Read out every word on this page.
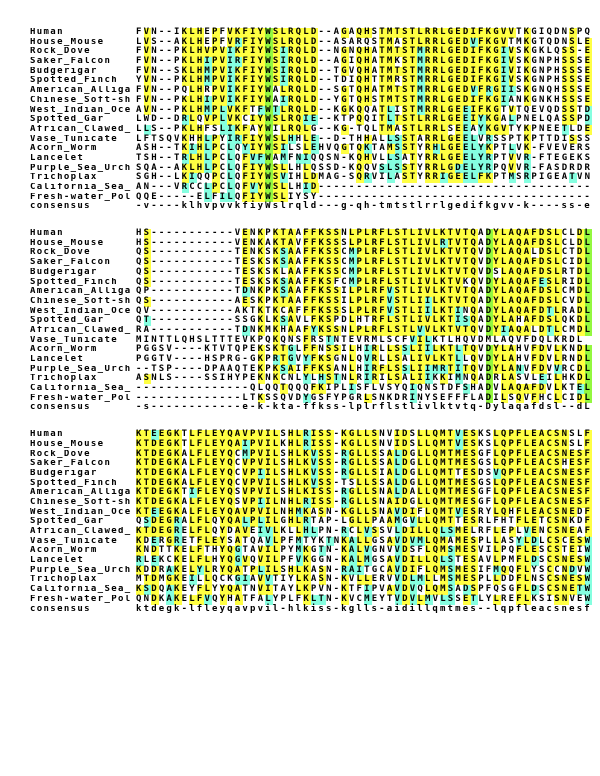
Human	FVN--IKLHEPFVKFIYWSLRQLD--AGAQHSTMTSTLRRLGEDIFKGVVTKGIQDNSPQ
House_Mouse	LVS--AKLHEPFVRFIYWSLRQLD--ASARQSTMASTLRRLGEDVFKGVTMKGTQDNSLE
Rock_Dove	FVN--PKLHVPVIKFIYWSIRQLD--NGNQHATMTSTMRRLGEDIFKGIVSKGKLQSS-E
Saker_Falcon	FVN--PKLHIPVIRFIYWSIRQLD--AGIQHATMKSTMRRLGEDIFKGIVSKGNPHSSSE
Budgerigar	FVN--SKLHMPVIKFIYWSIRQLD--TGVQHATMTSTMRRLGEDIFKGIVIKGNPHSSSE
Spotted_Finch	YVN--PKLHMPVIKFIYWSIRQLD--TDIQHTTMRSTMRRLGEDIFKGIVSKGNPHSSSE
American_Alliga FVN--PQLHRPVIKFIYWALRQLD--SGTQHATMTSTMRRLGEDVFRGIISKGNQHSSSE
Chinese_Soft-sh FVN--PKLHIPVIKFIYWAIRQLD--YGTQHSTMTSTMRRLGEDIFKGIANKGNKHSSSE
West_Indian_Oce AVN--PKLHMPLVKFTFWTLRQLD--KGKQQATLISTMRRLGEEIFKGTVTQEVQDSSTD
Spotted_Gar	LWD--DRLQVPLVKCIYWSLRQIE--KTPQQITLTSTLRRLGEEIYKGALPNELQASSPD
African_Clawed_ LLS--PKLHFSLIKFAYWILRQLG--KG-TQLTMASTLRRLSEEAYKGVTYKPNEETLDE
Vase_Tunicate	LFTSQVKHHLPYIRFIYWSLHHLE--D-THHALLSSTARRLGEELVRSSPTKPTTDISSS
Acorn_Worm	ASH--TKIHLPCLQYIYWSILSLEHVQGTQKTAMSSTYRHLGEELYKPTLVK-FVEVERS
Lancelet	TSH--TRLHLPCLQFVFWAMFNIQQSN-KQHVLLSATYRRLGEELYRPTVVR-FTEGEKS
Purple_Sea_Urch SQA--AKLHLPCLQFIYWSLLHLQSSD-KQQVSLSSTYRRLGDELYRPQVVR-FASDRDR
Trichoplax	SGH--LKIQQPCLQFIYWSVIHLDMAG-SQRVILASTYRRIGEELFKPTMSRPIGEATVN
California_Sea_ AN---VRCCLPCLQFVYWSLLHID------------------------------------
Fresh-water_Pol QQE-----ELFILQFIYWSLIYSY------------------------------------
consensus	-v----klhvpvvkfiyWslrqld---g-qh-tmtstlrrlgedifkgvv-k----ss-e
Human	HS-----------VENKPKTAAFFKSSNLPLRFLSTLIVLKTVTQADYLAQAFDSLCLDL
House_Mouse	HS-----------VENKAKTAVFFKSSSLPLRFLSTLIVLRTVTQADYLAQAFDSLCLDL
Rock_Dove	QS-----------TENKSKSAAFFKSSCMPLRFLSTLIVLKTVTQVDYLAQALDSLCTDL
Saker_Falcon	QS-----------TESKSKSAAFFKSSCMPLRFLSTLIVLKTVTQVDYLAQAFDSLCIDL
Budgerigar	QS-----------TESKSKLAAFFKSSCMPLRFLSTLIVLKTVTQVDSLAQAFDSLRTDL
Spotted_Finch	QS-----------TESKSKSAAFFKSFCMPLRFLSTLIVLKTVKQVDYLAQAFESLRIDL
American_Alliga QP-----------TDNKPKSAAFFKSSILPLRFVSTLIVLKTVTQADYLAQAFDSLCMDL
Chinese_Soft-sh QS-----------AESKPKTAAFFKSSILPLRFVSTLIILKTVTQADYLAQAFDSLCVDL
West_Indian_Oce QV-----------AKTKTKCAFFFKSSSLPLRFVSTLIILKTINQADYLAQAFDTLRADL
Spotted_Gar	QT-----------SSGKLKSAVLFKSPDLHTRFLSTLIVLKTISQADYLAHAFDSLQKDL
African_Clawed_ RA-----------TDNKMKHAAFYKSSNLPLRFLSTLVVLKTVTQVDYIAQALDTLCMDL
Vase_Tunicate	MINTTLQHSLTTTEVKPQKQNSFRSTNTEVRMLSCFVILKTLHQVDMLAQVFDQLKRDL
Acorn_Worm	PGGSV----KTVTQPEKSKTGLFFNSSILHIRLLSSLIILKTLTQVDYLAHVFDVLKNDL
Lancelet	PGGTV----HSPRG-GKPRTGVYFKSGNLQVRLLSALIVLKTLLQVDYLAHVFDVLRNDL
Purple_Sea_Urch --TSP----DPAAQTEKPKSAIFFKSANLHIRFLSSLIIMRTITQVDYLANVFDVVRCDL
Trichoplax	ASNLS----SSIHYPEKNKCNLYLHSTNLRIRILSALIIKKIMNQADRLASVLEILHKDL
California_Sea_ ---------------QLQQTQQQFKIPLISFLVSYQIQNSTDFSHADVLAQAFDVLKTEL
Fresh-water_Pol --------------LTKSSQVDYGSFYPGRLSNKDRINYSEFFFLADILSQVFHCLCIDL
consensus	-s------------e-k-kta-ffkss-lplrflstlivlktvtq-Dylaqafdsl--dL
Human	KTEEGKTLFLEYQAVPVILSHLRISS-KGLLSNVIDSLLQMTVESKSLQPFLEACSNSLF
House_Mouse	KTDEGKTLFLEYQAIPVILKHLRISS-KGLLSNVIDSLLQMTVESKSLQPFLEACSNSLF
Rock_Dove	KTDEGKALFLEYQCMPVILSHLKVSS-RGLLSSALDGLLQMTMESGFLQPFLEACSNESF
Saker_Falcon	KTDEGKALFLEYQCVPVILSHLKVSS-RGLLSSALDGLLQMTMESGSLQPFLEACSHESF
Budgerigar	KTDEGKALFLEYQCVPIILSHLKVSS-RGLLSIALDGLLQMTTESDSVQPFLEACSNESF
Spotted_Finch	KTDEGKALFLEYQCVPVILSHLKVSS-TSLLSSALDGLLQMTMESGSLQPFLEACSNESF
American_Alliga KTDEGKTIFLEYQSVPVILSHLKISS-RGLLSNALDALLQMTMESGFLQPFLEACSNESF
Chinese_Soft-sh KTDEGKALFLEYQSVPIILNHLRISS-RGLLSNAIDGLLQMTMESGFLQPFLEACSNESF
West_Indian_Oce KTEEGKALFLEYQAVPVILNHMKASN-KGLLSNAVDIFLQMTVESRYLQHFLEACSNEDF
Spotted_Gar	QSDEGRALFLQYQALPLILGHLRTAP-LGLLPAAMGVLLQMTTESRLFHTFLETCSNKDF
African_Clawed_ KTDEGRELFLQYDAVEIVLKLLHLPN-RCLVSSVLDILLQLSMELRFLEPLVENCSNEAF
Vase_Tunicate	KDERGRETFLEYSATQAVLPFMTYKTNKALLGSAVDVMLQMAMESPLLASYLDLCSCESW
Acorn_Worm	KNDTTKELFTHYQGTAVILPYMKGTN-KALVGNVVDSFLQMSMESVILPQFLESCSTEIW
Lancelet	RLEKCKELFLHYQGVQVILPFVKGGN-KALMGSAVDILLQLSTESAVLPMFLDSCSNESW
Purple_Sea_Urch KDDRAKELYLRYQATPLILSHLKASN-RAITGCAVDIFLQMSMESIFMQQFLYSCCNDVW
Trichoplax	MTDMGKEILLQCKGIAVVTIYLKASN-KVLLERVVDLMLLMSMESPLLDDFLNSCSNESW
California_Sea_ KSDQAKEYFLYYQATNVITAYLKPVN-KTFIPVAVDVQLQMSADSPFQSGFLDSCSNETW
Fresh-water_Pol QNDKAKELFVQYHATFALYPLFKLTN-KVCMEYTVDVLMVLSSETLYLREFLKSISNVEW
consensus	ktdegk-lfleyqavpvil-hlkiss-kglls-aidillqmtmes--lqpfleacsnesf
